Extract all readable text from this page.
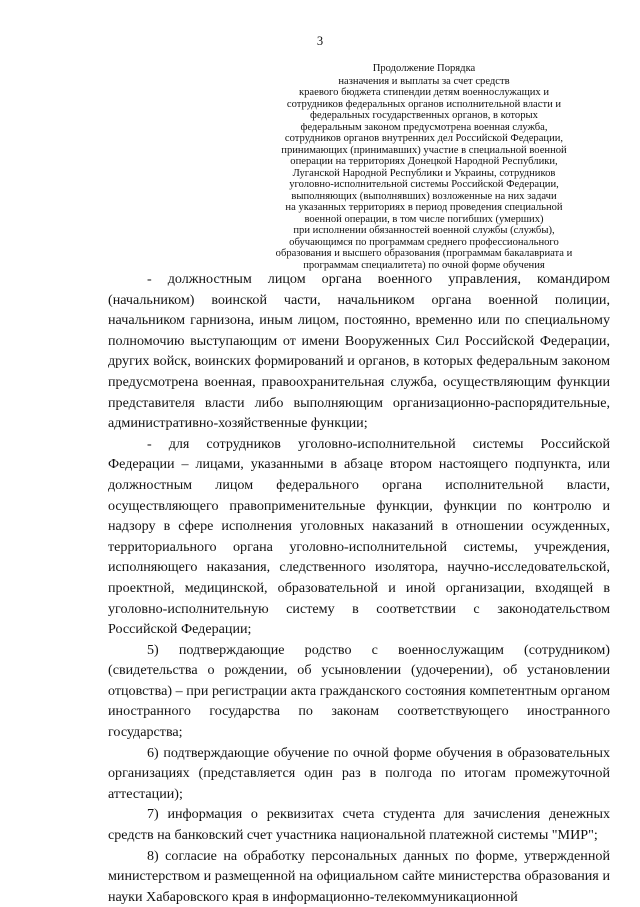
3
Продолжение Порядка
назначения и выплаты за счет средств
краевого бюджета стипендии детям военнослужащих и
сотрудников федеральных органов исполнительной власти и
федеральных государственных органов, в которых
федеральным законом предусмотрена военная служба,
сотрудников органов внутренних дел Российской Федерации,
принимающих (принимавших) участие в специальной военной
операции на территориях Донецкой Народной Республики,
Луганской Народной Республики и Украины, сотрудников
уголовно-исполнительной системы Российской Федерации,
выполняющих (выполнявших) возложенные на них задачи
на указанных территориях в период проведения специальной
военной операции, в том числе погибших (умерших)
при исполнении обязанностей военной службы (службы),
обучающимся по программам среднего профессионального
образования и высшего образования (программам бакалавриата и
программам специалитета) по очной форме обучения

- должностным лицом органа военного управления, командиром (начальником) воинской части, начальником органа военной полиции, начальником гарнизона, иным лицом, постоянно, временно или по специальному полномочию выступающим от имени Вооруженных Сил Российской Федерации, других войск, воинских формирований и органов, в которых федеральным законом предусмотрена военная, правоохранительная служба, осуществляющим функции представителя власти либо выполняющим организационно-распорядительные, административно-хозяйственные функции;

- для сотрудников уголовно-исполнительной системы Российской Федерации – лицами, указанными в абзаце втором настоящего подпункта, или должностным лицом федерального органа исполнительной власти, осуществляющего правоприменительные функции, функции по контролю и надзору в сфере исполнения уголовных наказаний в отношении осужденных, территориального органа уголовно-исполнительной системы, учреждения, исполняющего наказания, следственного изолятора, научно-исследовательской, проектной, медицинской, образовательной и иной организации, входящей в уголовно-исполнительную систему в соответствии с законодательством Российской Федерации;

5) подтверждающие родство с военнослужащим (сотрудником) (свидетельства о рождении, об усыновлении (удочерении), об установлении отцовства) – при регистрации акта гражданского состояния компетентным органом иностранного государства по законам соответствующего иностранного государства;

6) подтверждающие обучение по очной форме обучения в образовательных организациях (представляется один раз в полгода по итогам промежуточной аттестации);

7) информация о реквизитах счета студента для зачисления денежных средств на банковский счет участника национальной платежной системы "МИР";

8) согласие на обработку персональных данных по форме, утвержденной министерством и размещенной на официальном сайте министерства образования и науки Хабаровского края в информационно-телекоммуникационной
